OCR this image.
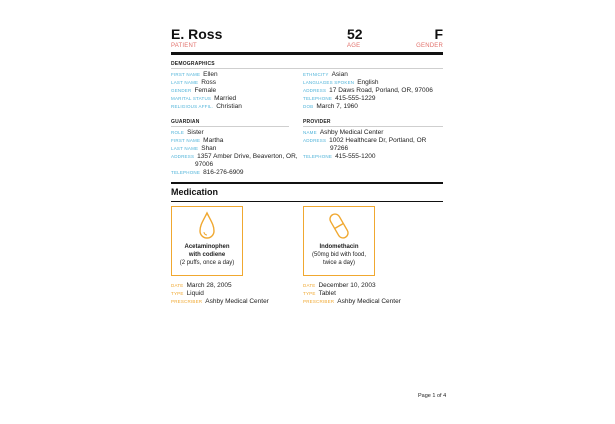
E. Ross	52	F
PATIENT	AGE	GENDER
DEMOGRAPHICS
FIRST NAME Ellen
LAST NAME Ross
GENDER Female
MARITAL STATUS Married
RELIGIOUS AFFIL. Christian
ETHNICITY Asian
LANGUAGES SPOKEN English
ADDRESS 17 Daws Road, Porland, OR, 97006
TELEPHONE 415-555-1229
DOB March 7, 1960
GUARDIAN
ROLE Sister
FIRST NAME Martha
LAST NAME Shan
ADDRESS 1357 Amber Drive, Beaverton, OR,
97006
TELEPHONE 816-276-6909
PROVIDER
NAME Ashby Medical Center
ADDRESS 1002 Healthcare Dr, Portland, OR
97266
TELEPHONE 415-555-1200
Medication
Acetaminophen
with codiene
(2 puffs, once a day)
DATE March 28, 2005
TYPE Liquid
PRESCRIBER Ashby Medical Center
Indomethacin
(50mg bid with food,
twice a day)
DATE December 10, 2003
TYPE Tablet
PRESCRIBER Ashby Medical Center
Page 1 of 4
